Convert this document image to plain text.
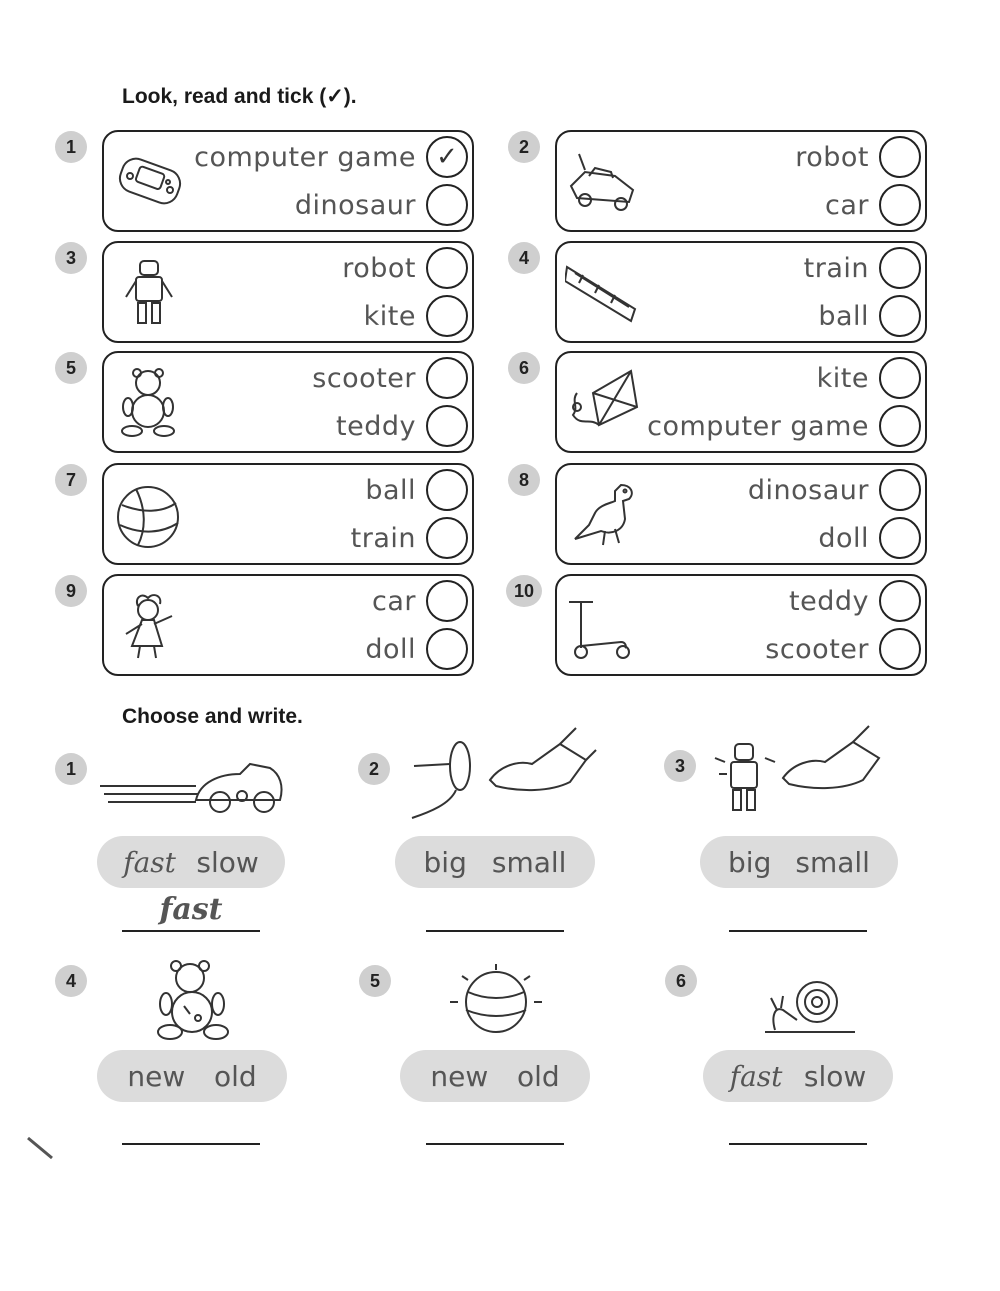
Look, read and tick (✓).
1	computer game ✓
dinosaur
2	robot
car
3	robot
kite
4	train
ball
5	scooter
teddy
6	kite
computer game
7	ball
train
8	dinosaur
doll
9	car
doll
10	teddy
scooter
Choose and write.
1
fast slow
fast
2
big small
3
big small
4
new old
5
new old
6
fast slow
